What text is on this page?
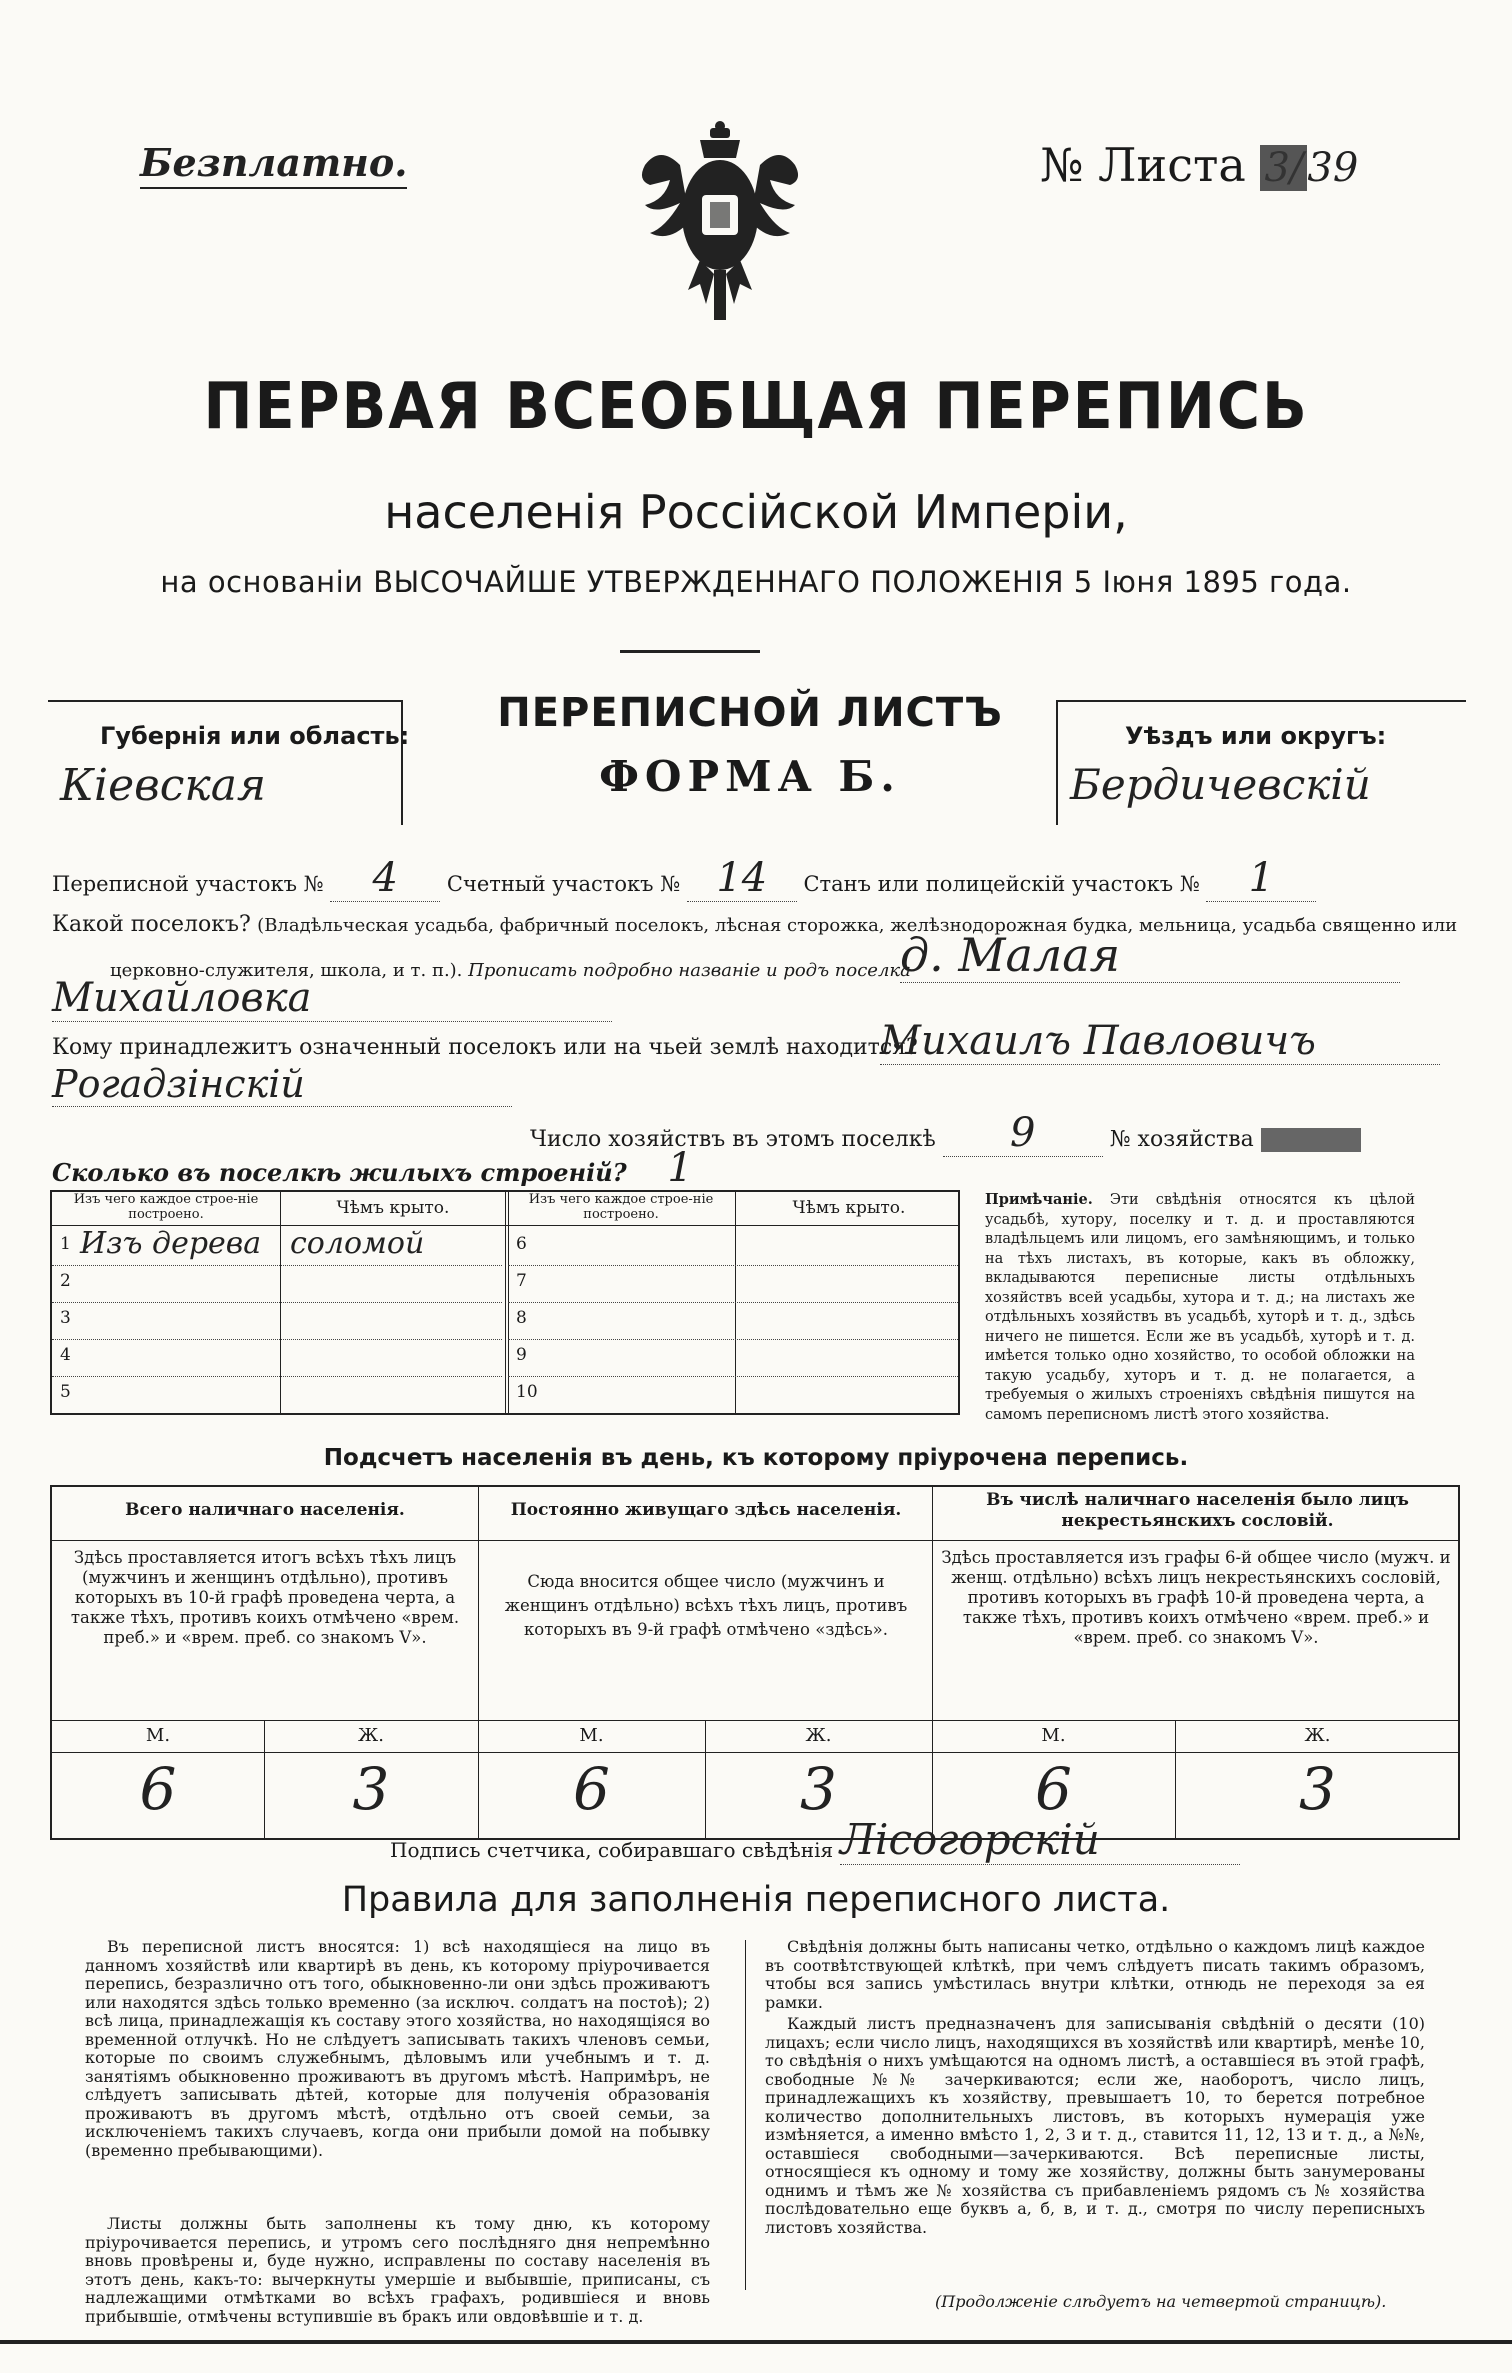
Безплатно.	№ Листа 3/ 39
ПЕРВАЯ ВСЕОБЩАЯ ПЕРЕПИСЬ
населенія Россійской Имперіи,
на основаніи ВЫСОЧАЙШЕ УТВЕРЖДЕННАГО ПОЛОЖЕНІЯ 5 Іюня 1895 года.
Губернія или область:
Кіевская
ПЕРЕПИСНОЙ ЛИСТЪ
ФОРМА Б.
Уѣздъ или округъ:
Бердичевскій
Переписной участокъ № 4 Счетный участокъ № 14 Станъ или полицейскій участокъ № 1
Какой поселокъ? (Владѣльческая усадьба, фабричный поселокъ, лѣсная сторожка, желѣзнодорожная будка, мельница, усадьба священно или
церковно-служителя, школа, и т. п.). Прописать подробно названіе и родъ поселка
д. Малая
Михайловка
Кому принадлежитъ означенный поселокъ или на чьей землѣ находится?
Михаилъ Павловичъ
Рогадзінскій
Число хозяйствъ въ этомъ поселкѣ 9	№ хозяйства
Сколько въ поселкѣ жилыхъ строеній? 1
Изъ чего каждое строе-ніе построено.	Чѣмъ крыто.	Изъ чего каждое строе-ніе построено.	Чѣмъ крыто.
1 Изъ дерева соломой
2
3
4
5
6
7
8
9
10
Примѣчаніе. Эти свѣдѣнія относятся къ цѣлой усадьбѣ, хутору, поселку и т. д. и проставляются владѣльцемъ или лицомъ, его замѣняющимъ, и только на тѣхъ листахъ, въ которые, какъ въ обложку, вкладываются переписные листы отдѣльныхъ хозяйствъ всей усадьбы, хутора и т. д.; на листахъ же отдѣльныхъ хозяйствъ въ усадьбѣ, хуторѣ и т. д., здѣсь ничего не пишется. Если же въ усадьбѣ, хуторѣ и т. д. имѣется только одно хозяйство, то особой обложки на такую усадьбу, хуторъ и т. д. не полагается, а требуемыя о жилыхъ строеніяхъ свѣдѣнія пишутся на самомъ переписномъ листѣ этого хозяйства.
Подсчетъ населенія въ день, къ которому пріурочена перепись.
Всего наличнаго населенія.	Постоянно живущаго здѣсь населенія.	Въ числѣ наличнаго населенія было лицъ некрестьянскихъ сословій.
Здѣсь проставляется итогъ всѣхъ тѣхъ лицъ (мужчинъ и женщинъ отдѣльно), противъ которыхъ въ 10-й графѣ проведена черта, а также тѣхъ, противъ коихъ отмѣчено «врем. преб.» и «врем. преб. со знакомъ V».
Сюда вносится общее число (мужчинъ и женщинъ отдѣльно) всѣхъ тѣхъ лицъ, противъ которыхъ въ 9-й графѣ отмѣчено «здѣсь».
Здѣсь проставляется изъ графы 6-й общее число (мужч. и женщ. отдѣльно) всѣхъ лицъ некрестьянскихъ сословій, противъ которыхъ въ графѣ 10-й проведена черта, а также тѣхъ, противъ коихъ отмѣчено «врем. преб.» и «врем. преб. со знакомъ V».
М.	Ж.	М.	Ж.	М.	Ж.
6	3	6	3	6	3
Подпись счетчика, собиравшаго свѣдѣнія Лісогорскій
Правила для заполненія переписного листа.
Въ переписной листъ вносятся: 1) всѣ находящіеся на лицо въ данномъ хозяйствѣ или квартирѣ въ день, къ которому пріурочивается перепись, безразлично отъ того, обыкновенно-ли они здѣсь проживаютъ или находятся здѣсь только временно (за исключ. солдатъ на постоѣ); 2) всѣ лица, принадлежащія къ составу этого хозяйства, но находящіяся во временной отлучкѣ. Но не слѣдуетъ записывать такихъ членовъ семьи, которые по своимъ служебнымъ, дѣловымъ или учебнымъ и т. д. занятіямъ обыкновенно проживаютъ въ другомъ мѣстѣ. Напримѣръ, не слѣдуетъ записывать дѣтей, которые для полученія образованія проживаютъ въ другомъ мѣстѣ, отдѣльно отъ своей семьи, за исключеніемъ такихъ случаевъ, когда они прибыли домой на побывку (временно пребывающими).
Листы должны быть заполнены къ тому дню, къ которому пріурочивается перепись, и утромъ сего послѣдняго дня непремѣнно вновь провѣрены и, буде нужно, исправлены по составу населенія въ этотъ день, какъ-то: вычеркнуты умершіе и выбывшіе, приписаны, съ надлежащими отмѣтками во всѣхъ графахъ, родившіеся и вновь прибывшіе, отмѣчены вступившіе въ бракъ или овдовѣвшіе и т. д.
Свѣдѣнія должны быть написаны четко, отдѣльно о каждомъ лицѣ каждое въ соотвѣтствующей клѣткѣ, при чемъ слѣдуетъ писать такимъ образомъ, чтобы вся запись умѣстилась внутри клѣтки, отнюдь не переходя за ея рамки.
Каждый листъ предназначенъ для записыванія свѣдѣній о десяти (10) лицахъ; если число лицъ, находящихся въ хозяйствѣ или квартирѣ, менѣе 10, то свѣдѣнія о нихъ умѣщаются на одномъ листѣ, а оставшіеся въ этой графѣ, свободные №№ зачеркиваются; если же, наоборотъ, число лицъ, принадлежащихъ къ хозяйству, превышаетъ 10, то берется потребное количество дополнительныхъ листовъ, въ которыхъ нумерація уже измѣняется, а именно вмѣсто 1, 2, 3 и т. д., ставится 11, 12, 13 и т. д., а №№, оставшіеся свободными—зачеркиваются. Всѣ переписные листы, относящіеся къ одному и тому же хозяйству, должны быть занумерованы однимъ и тѣмъ же № хозяйства съ прибавленіемъ рядомъ съ № хозяйства послѣдовательно еще буквъ а, б, в, и т. д., смотря по числу переписныхъ листовъ хозяйства.
(Продолженіе слѣдуетъ на четвертой страницѣ).
